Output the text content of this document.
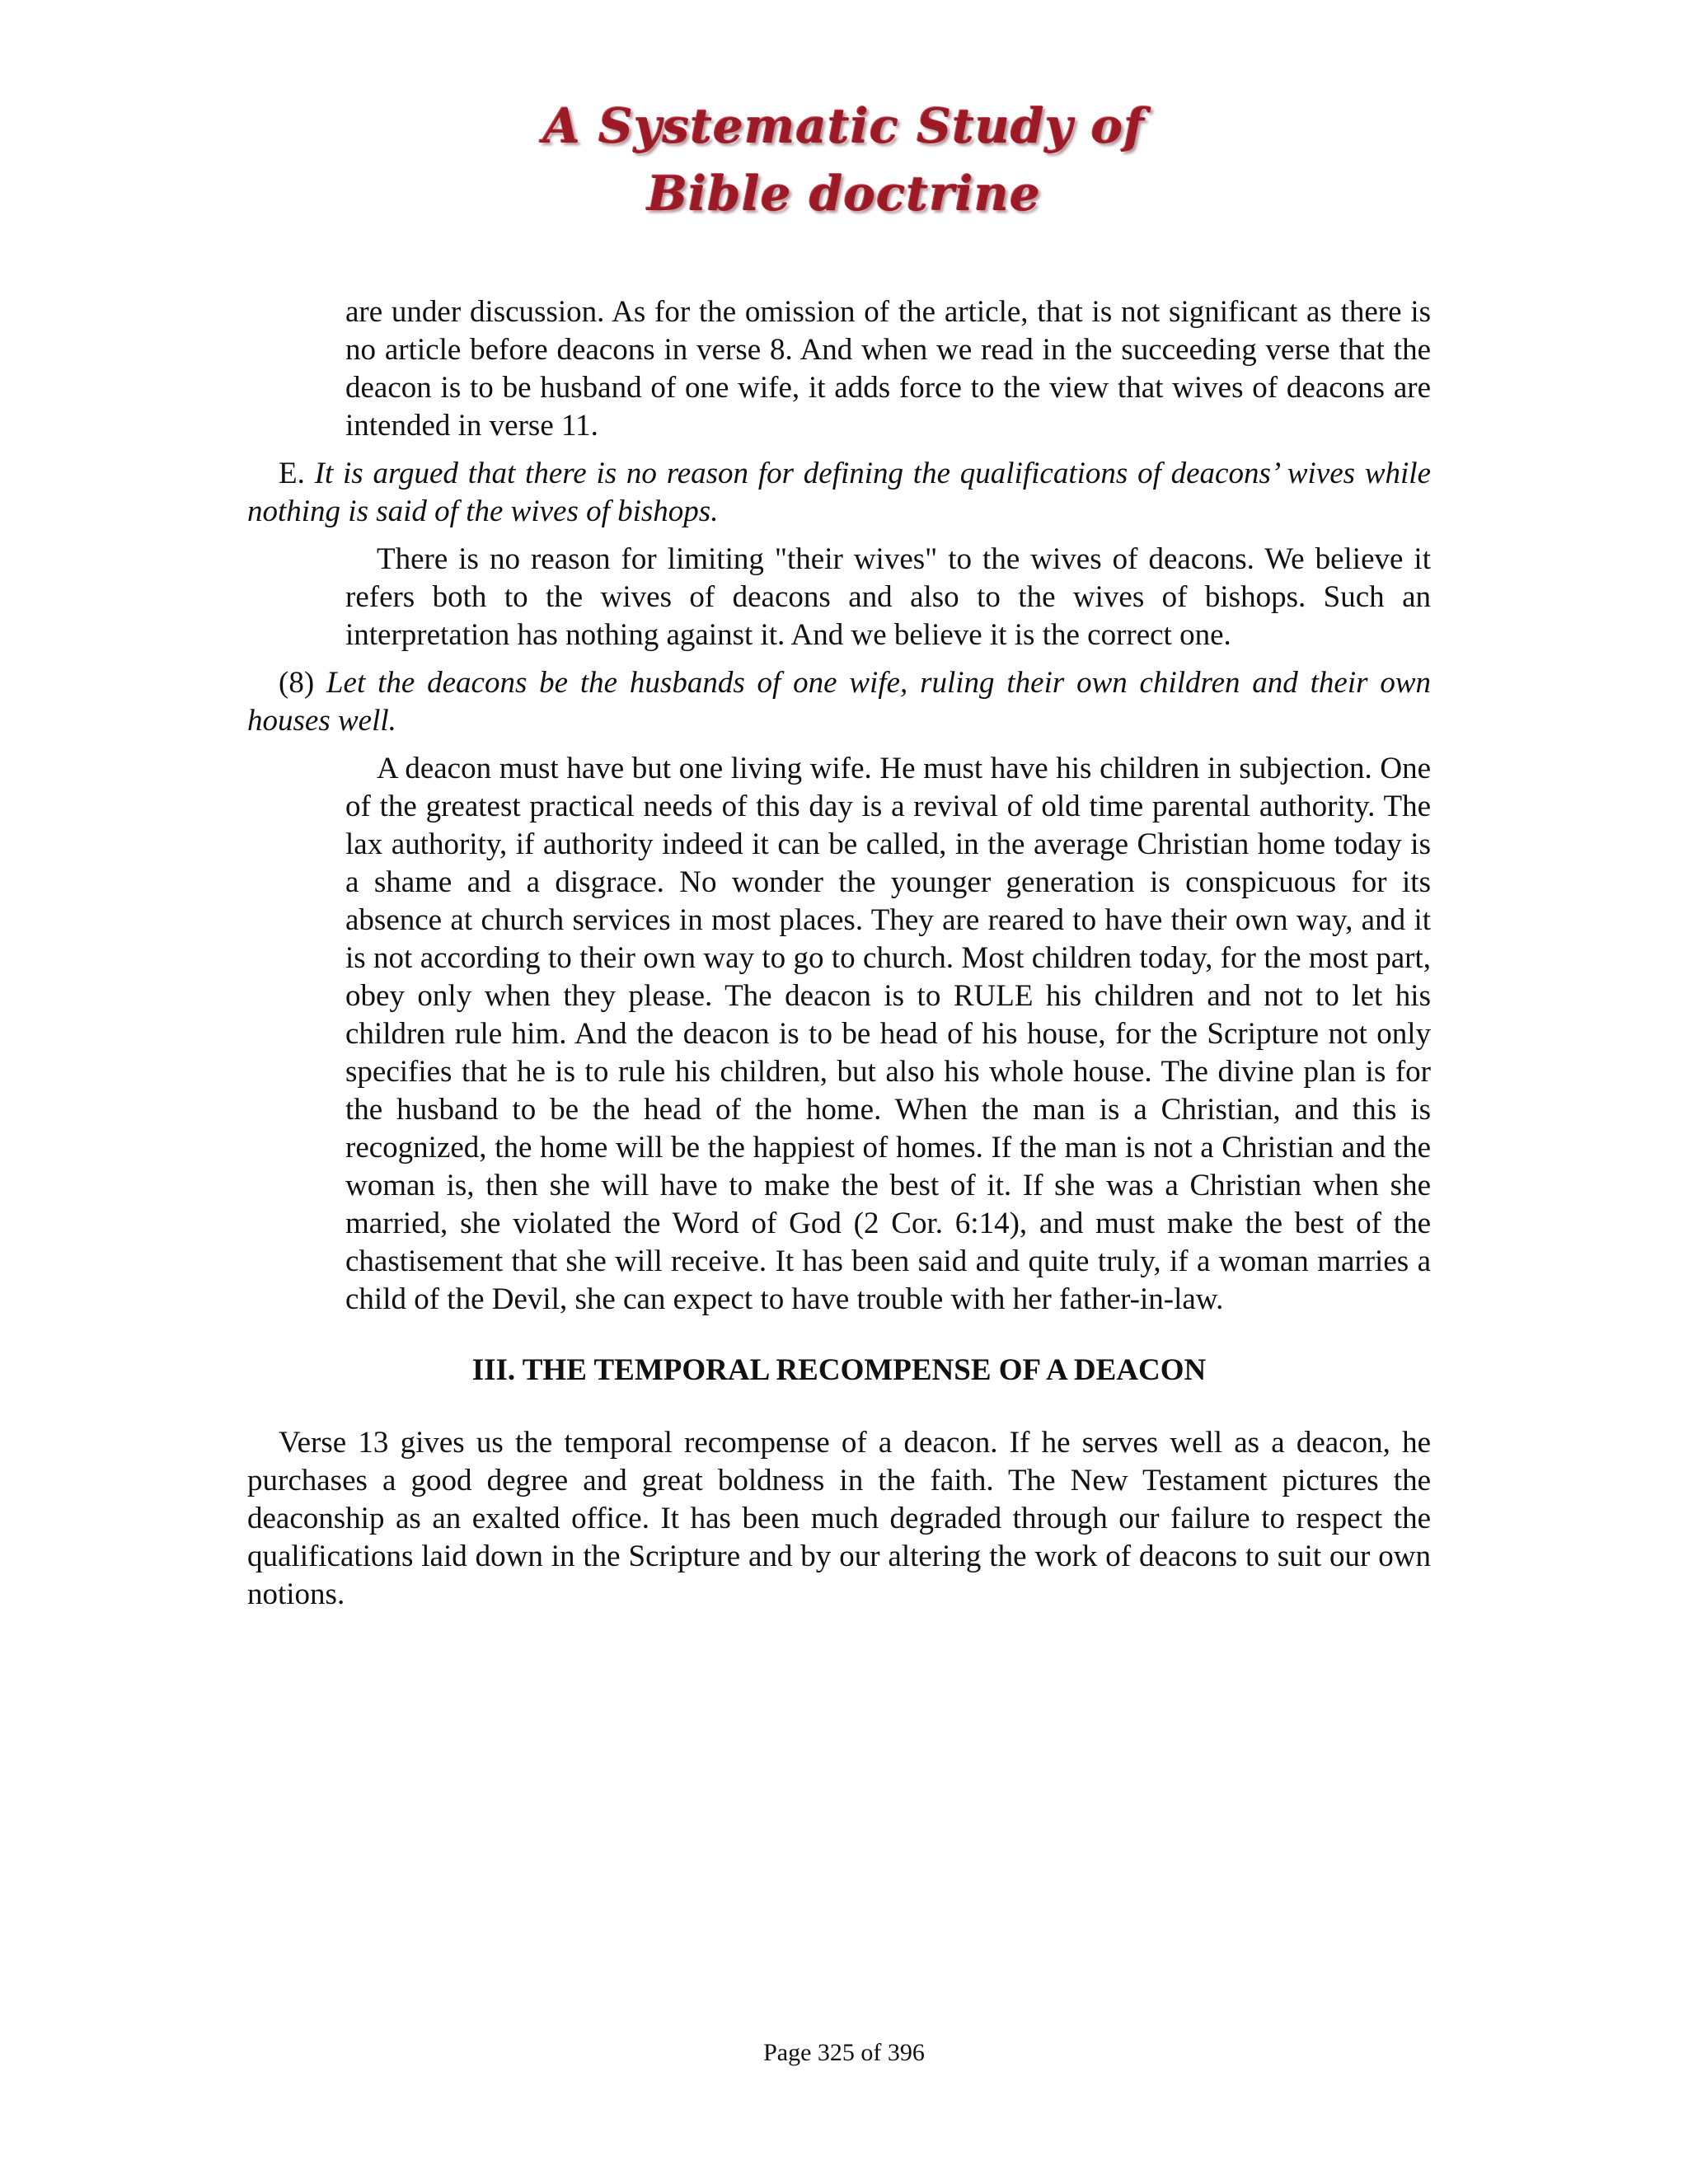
A Systematic Study of
Bible doctrine

are under discussion. As for the omission of the article, that is not significant as there is no article before deacons in verse 8. And when we read in the succeeding verse that the deacon is to be husband of one wife, it adds force to the view that wives of deacons are intended in verse 11.

E. It is argued that there is no reason for defining the qualifications of deacons’ wives while nothing is said of the wives of bishops.

There is no reason for limiting "their wives" to the wives of deacons. We believe it refers both to the wives of deacons and also to the wives of bishops. Such an interpretation has nothing against it. And we believe it is the correct one.

(8) Let the deacons be the husbands of one wife, ruling their own children and their own houses well.

A deacon must have but one living wife. He must have his children in subjection. One of the greatest practical needs of this day is a revival of old time parental authority. The lax authority, if authority indeed it can be called, in the average Christian home today is a shame and a disgrace. No wonder the younger generation is conspicuous for its absence at church services in most places. They are reared to have their own way, and it is not according to their own way to go to church. Most children today, for the most part, obey only when they please. The deacon is to RULE his children and not to let his children rule him. And the deacon is to be head of his house, for the Scripture not only specifies that he is to rule his children, but also his whole house. The divine plan is for the husband to be the head of the home. When the man is a Christian, and this is recognized, the home will be the happiest of homes. If the man is not a Christian and the woman is, then she will have to make the best of it. If she was a Christian when she married, she violated the Word of God (2 Cor. 6:14), and must make the best of the chastisement that she will receive. It has been said and quite truly, if a woman marries a child of the Devil, she can expect to have trouble with her father-in-law.

III. THE TEMPORAL RECOMPENSE OF A DEACON

Verse 13 gives us the temporal recompense of a deacon. If he serves well as a deacon, he purchases a good degree and great boldness in the faith. The New Testament pictures the deaconship as an exalted office. It has been much degraded through our failure to respect the qualifications laid down in the Scripture and by our altering the work of deacons to suit our own notions.

Page 325 of 396
